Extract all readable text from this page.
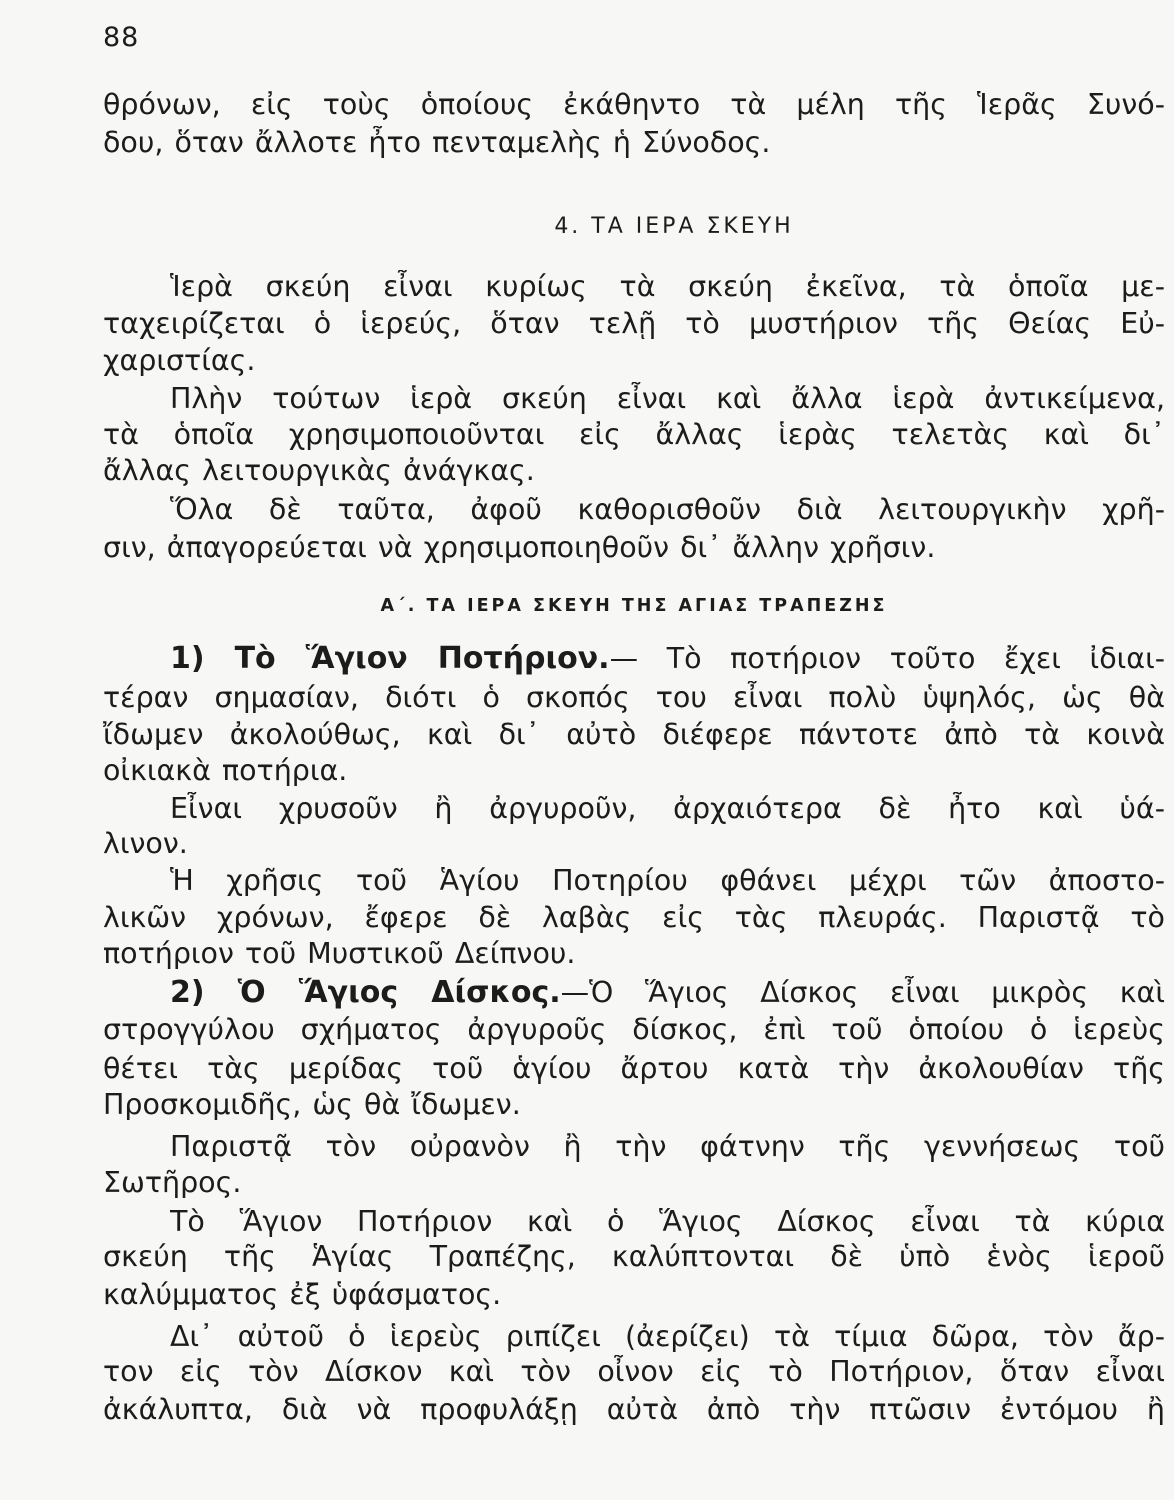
88
θρόνων, εἰς τοὺς ὁποίους ἐκάθηντο τὰ μέλη τῆς Ἱερᾶς Συνό-
δου, ὅταν ἄλλοτε ἦτο πενταμελὴς ἡ Σύνοδος.
4. ΤΑ ΙΕΡΑ ΣΚΕΥΗ
Ἱερὰ σκεύη εἶναι κυρίως τὰ σκεύη ἐκεῖνα, τὰ ὁποῖα με-
ταχειρίζεται ὁ ἱερεύς, ὅταν τελῇ τὸ μυστήριον τῆς Θείας Εὐ-
χαριστίας.
Πλὴν τούτων ἱερὰ σκεύη εἶναι καὶ ἄλλα ἱερὰ ἀντικείμενα,
τὰ ὁποῖα χρησιμοποιοῦνται εἰς ἄλλας ἱερὰς τελετὰς καὶ δι᾽
ἄλλας λειτουργικὰς ἀνάγκας.
Ὅλα δὲ ταῦτα, ἀφοῦ καθορισθοῦν διὰ λειτουργικὴν χρῆ-
σιν, ἀπαγορεύεται νὰ χρησιμοποιηθοῦν δι᾽ ἄλλην χρῆσιν.
Α΄. ΤΑ ΙΕΡΑ ΣΚΕΥΗ ΤΗΣ ΑΓΙΑΣ ΤΡΑΠΕΖΗΣ
1) Τὸ Ἅγιον Ποτήριον.— Τὸ ποτήριον τοῦτο ἔχει ἰδιαι-
τέραν σημασίαν, διότι ὁ σκοπός του εἶναι πολὺ ὑψηλός, ὡς θὰ
ἴδωμεν ἀκολούθως, καὶ δι᾽ αὐτὸ διέφερε πάντοτε ἀπὸ τὰ κοινὰ
οἰκιακὰ ποτήρια.
Εἶναι χρυσοῦν ἢ ἀργυροῦν, ἀρχαιότερα δὲ ἦτο καὶ ὑά-
λινον.
Ἡ χρῆσις τοῦ Ἁγίου Ποτηρίου φθάνει μέχρι τῶν ἀποστο-
λικῶν χρόνων, ἔφερε δὲ λαβὰς εἰς τὰς πλευράς. Παριστᾷ τὸ
ποτήριον τοῦ Μυστικοῦ Δείπνου.
2) Ὁ Ἅγιος Δίσκος.—Ὁ Ἅγιος Δίσκος εἶναι μικρὸς καὶ
στρογγύλου σχήματος ἀργυροῦς δίσκος, ἐπὶ τοῦ ὁποίου ὁ ἱερεὺς
θέτει τὰς μερίδας τοῦ ἁγίου ἄρτου κατὰ τὴν ἀκολουθίαν τῆς
Προσκομιδῆς, ὡς θὰ ἴδωμεν.
Παριστᾷ τὸν οὐρανὸν ἢ τὴν φάτνην τῆς γεννήσεως τοῦ
Σωτῆρος.
Τὸ Ἅγιον Ποτήριον καὶ ὁ Ἅγιος Δίσκος εἶναι τὰ κύρια
σκεύη τῆς Ἁγίας Τραπέζης, καλύπτονται δὲ ὑπὸ ἑνὸς ἱεροῦ
καλύμματος ἐξ ὑφάσματος.
Δι᾽ αὐτοῦ ὁ ἱερεὺς ριπίζει (ἀερίζει) τὰ τίμια δῶρα, τὸν ἄρ-
τον εἰς τὸν Δίσκον καὶ τὸν οἶνον εἰς τὸ Ποτήριον, ὅταν εἶναι
ἀκάλυπτα, διὰ νὰ προφυλάξῃ αὐτὰ ἀπὸ τὴν πτῶσιν ἐντόμου ἢ
